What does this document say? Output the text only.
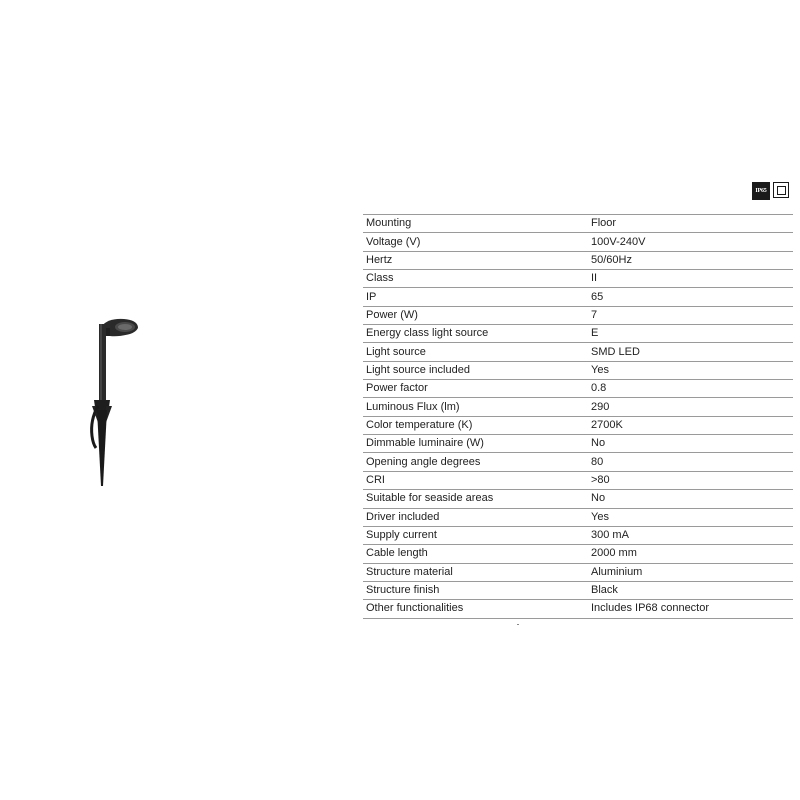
IP65
Mounting	Floor
Voltage (V)	100V-240V
Hertz	50/60Hz
Class	II
IP	65
Power (W)	7
Energy class light source	E
Light source	SMD LED
Light source included	Yes
Power factor	0.8
Luminous Flux (lm)	290
Color temperature (K)	2700K
Dimmable luminaire (W)	No
Opening angle degrees	80
CRI	>80
Suitable for seaside areas	No
Driver included	Yes
Supply current	300 mA
Cable length	2000 mm
Structure material	Aluminium
Structure finish	Black
Other functionalities	Includes IP68 connector
